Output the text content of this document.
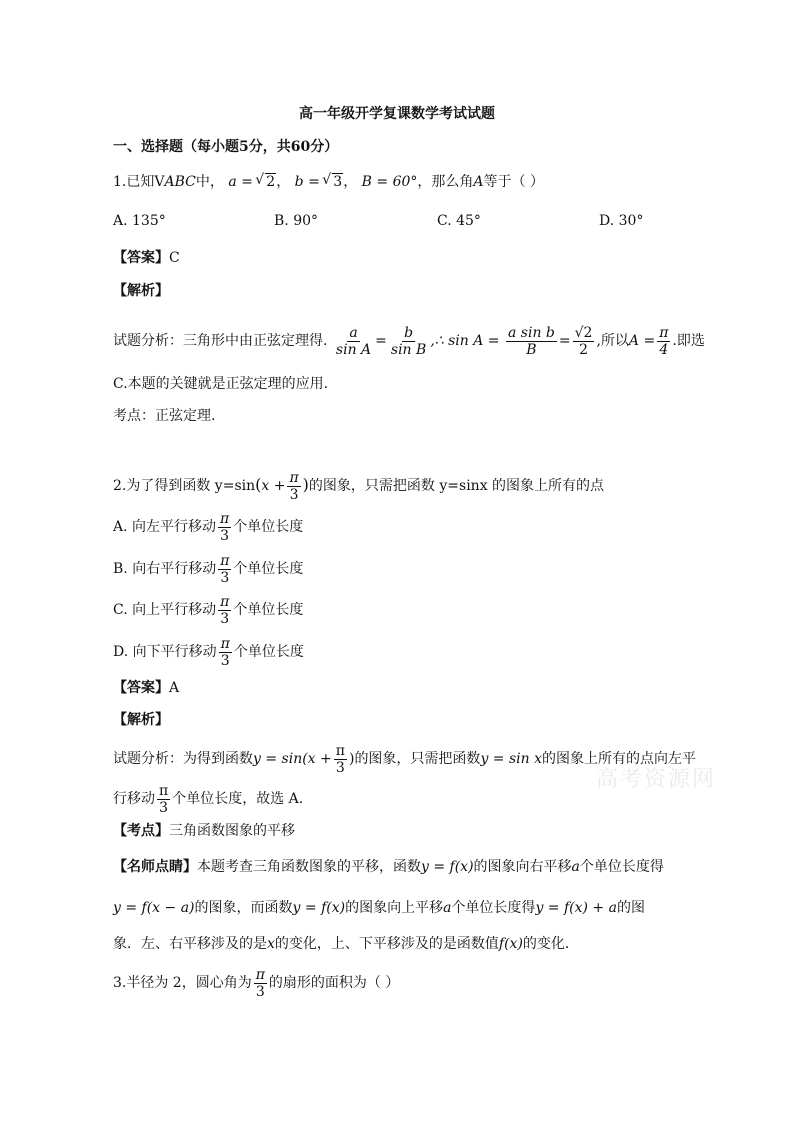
高一年级开学复课数学考试试题
一、选择题（每小题5分，共60分）
1.已知VABC中， a = √ 2， b = √ 3， B = 60°，那么角A等于（ ）
A. 135°	B. 90°	C. 45°	D. 30°
【答案】C
【解析】
试题分析：三角形中由正弦定理得. $\frac{a}{\text{sin A}} = \frac{b}{\text{sin B}}$ ,∴ $\sin A = \frac{\text{a sin b}}{B} = \frac{√2}{2}$ ,所以$A = \frac{\pi}{4}$ .即选
C.本题的关键就是正弦定理的应用.
考点：正弦定理.
2.为了得到函数 $y=\sin(x + \frac{\pi}{3}$ )的图象，只需把函数 y=sinx 的图象上所有的点
A. 向左平行移动 $\frac{\pi}{3}$ 个单位长度
B. 向右平行移动 $\frac{\pi}{3}$ 个单位长度
C. 向上平行移动 $\frac{\pi}{3}$ 个单位长度
D. 向下平行移动 $\frac{\pi}{3}$ 个单位长度
【答案】A
【解析】
试题分析：为得到函数$y = \sin(x + \frac{\pi}{3}$ )的图象，只需把函数y = sin x的图象上所有的点向左平
行移动 $\frac{\pi}{3}$ 个单位长度，故选 A.
【考点】三角函数图象的平移
【名师点睛】本题考查三角函数图象的平移，函数y = f(x)的图象向右平移a个单位长度得
y = f(x − a)的图象，而函数y = f(x)的图象向上平移a个单位长度得y = f(x) + a的图
象．左、右平移涉及的是x的变化，上、下平移涉及的是函数值f(x)的变化．
3.半径为 2，圆心角为 $\frac{\pi}{3}$ 的扇形的面积为（ ）
高考资源网
